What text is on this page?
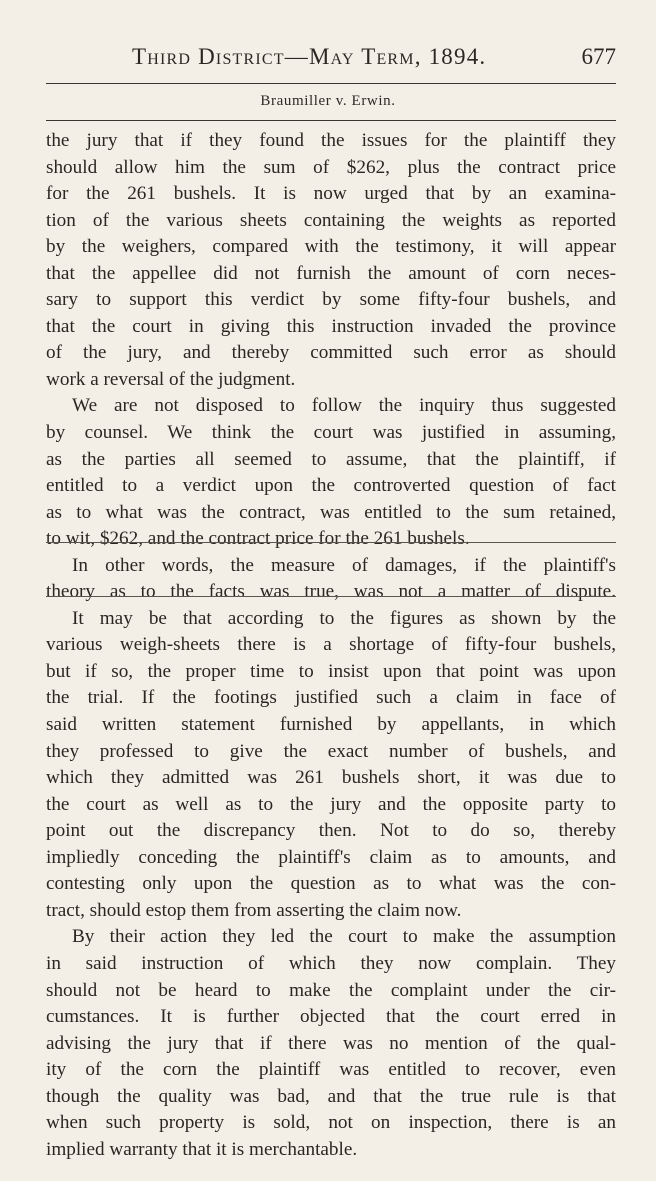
Third District—May Term, 1894.	677
Braumiller v. Erwin.
the jury that if they found the issues for the plaintiff they
should allow him the sum of $262, plus the contract price
for the 261 bushels. It is now urged that by an examina-
tion of the various sheets containing the weights as reported
by the weighers, compared with the testimony, it will appear
that the appellee did not furnish the amount of corn neces-
sary to support this verdict by some fifty-four bushels, and
that the court in giving this instruction invaded the province
of the jury, and thereby committed such error as should
work a reversal of the judgment.
We are not disposed to follow the inquiry thus suggested
by counsel. We think the court was justified in assuming,
as the parties all seemed to assume, that the plaintiff, if
entitled to a verdict upon the controverted question of fact
as to what was the contract, was entitled to the sum retained,
to wit, $262, and the contract price for the 261 bushels.
In other words, the measure of damages, if the plaintiff's
theory as to the facts was true, was not a matter of dispute.
It may be that according to the figures as shown by the
various weigh-sheets there is a shortage of fifty-four bushels,
but if so, the proper time to insist upon that point was upon
the trial. If the footings justified such a claim in face of
said written statement furnished by appellants, in which
they professed to give the exact number of bushels, and
which they admitted was 261 bushels short, it was due to
the court as well as to the jury and the opposite party to
point out the discrepancy then. Not to do so, thereby
impliedly conceding the plaintiff's claim as to amounts, and
contesting only upon the question as to what was the con-
tract, should estop them from asserting the claim now.
By their action they led the court to make the assumption
in said instruction of which they now complain. They
should not be heard to make the complaint under the cir-
cumstances. It is further objected that the court erred in
advising the jury that if there was no mention of the qual-
ity of the corn the plaintiff was entitled to recover, even
though the quality was bad, and that the true rule is that
when such property is sold, not on inspection, there is an
implied warranty that it is merchantable.
